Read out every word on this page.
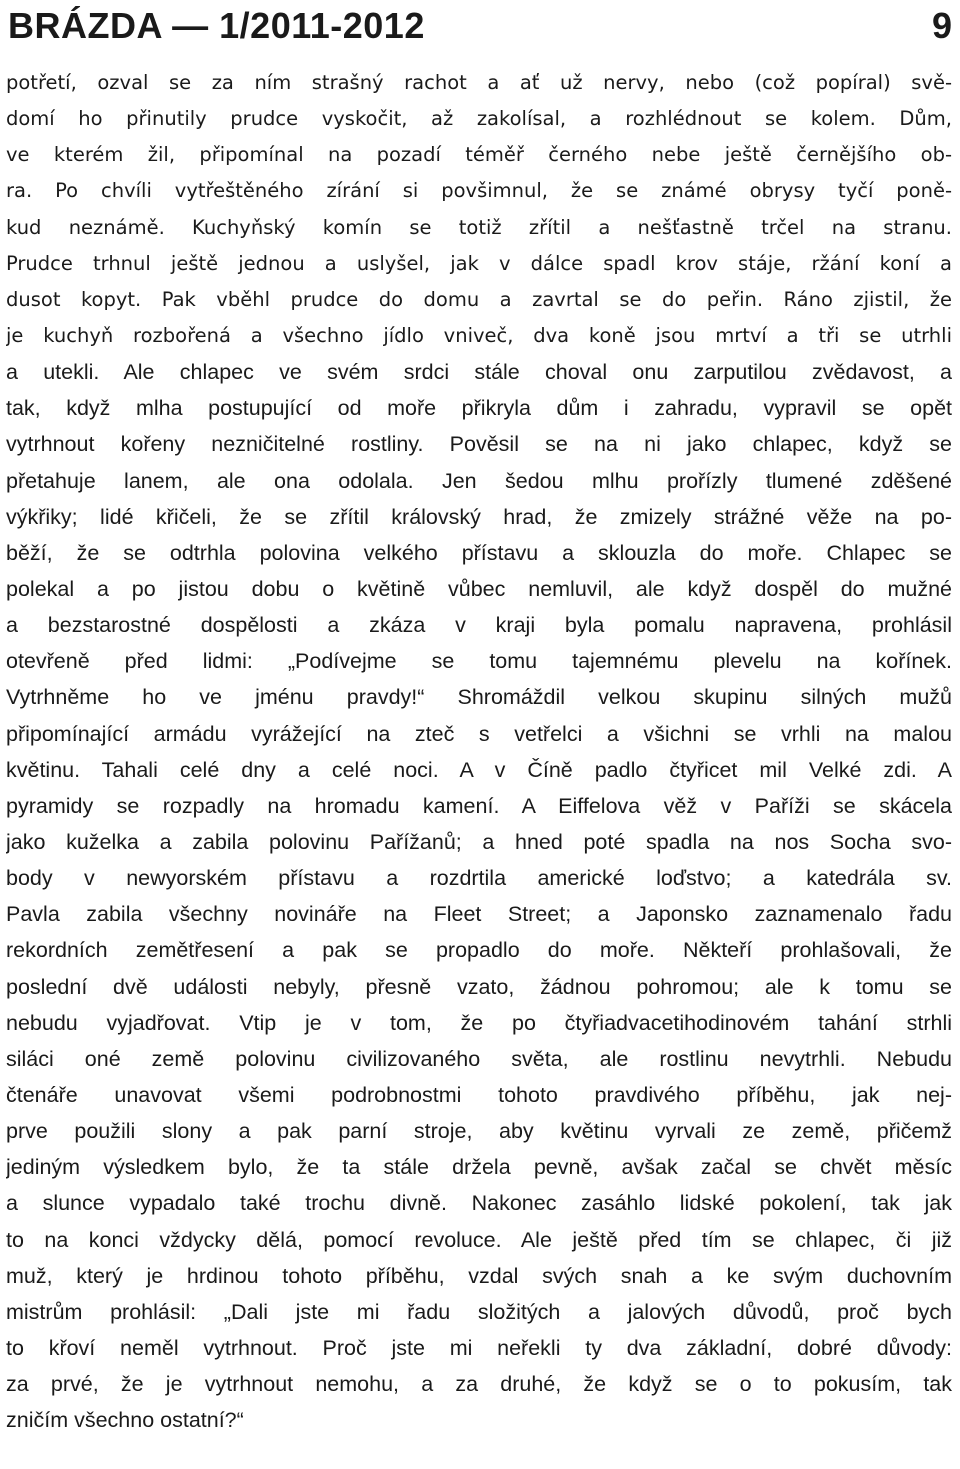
BRÁZDA — 1/2011-2012	9
potřetí, ozval se za ním strašný rachot a ať už nervy, nebo (což popíral) svě-
domí ho přinutily prudce vyskočit, až zakolísal, a rozhlédnout se kolem. Dům,
ve kterém žil, připomínal na pozadí téměř černého nebe ještě černějšího ob-
ra. Po chvíli vytřeštěného zírání si povšimnul, že se známé obrysy tyčí poně-
kud neznámě. Kuchyňský komín se totiž zřítil a nešťastně trčel na stranu.
Prudce trhnul ještě jednou a uslyšel, jak v dálce spadl krov stáje, ržání koní a
dusot kopyt. Pak vběhl prudce do domu a zavrtal se do peřin. Ráno zjistil, že
je kuchyň rozbořená a všechno jídlo vniveč, dva koně jsou mrtví a tři se utrhli
a utekli. Ale chlapec ve svém srdci stále choval onu zarputilou zvědavost, a
tak, když mlha postupující od moře přikryla dům i zahradu, vypravil se opět
vytrhnout kořeny nezničitelné rostliny. Pověsil se na ni jako chlapec, když se
přetahuje lanem, ale ona odolala. Jen šedou mlhu prořízly tlumené zděšené
výkřiky; lidé křičeli, že se zřítil královský hrad, že zmizely strážné věže na po-
běží, že se odtrhla polovina velkého přístavu a sklouzla do moře. Chlapec se
polekal a po jistou dobu o květině vůbec nemluvil, ale když dospěl do mužné
a bezstarostné dospělosti a zkáza v kraji byla pomalu napravena, prohlásil
otevřeně před lidmi: „Podívejme se tomu tajemnému plevelu na kořínek.
Vytrhněme ho ve jménu pravdy!“ Shromáždil velkou skupinu silných mužů
připomínající armádu vyrážející na zteč s vetřelci a všichni se vrhli na malou
květinu. Tahali celé dny a celé noci. A v Číně padlo čtyřicet mil Velké zdi. A
pyramidy se rozpadly na hromadu kamení. A Eiffelova věž v Paříži se skácela
jako kuželka a zabila polovinu Pařížanů; a hned poté spadla na nos Socha svo-
body v newyorském přístavu a rozdrtila americké loďstvo; a katedrála sv.
Pavla zabila všechny novináře na Fleet Street; a Japonsko zaznamenalo řadu
rekordních zemětřesení a pak se propadlo do moře. Někteří prohlašovali, že
poslední dvě události nebyly, přesně vzato, žádnou pohromou; ale k tomu se
nebudu vyjadřovat. Vtip je v tom, že po čtyřiadvacetihodinovém tahání strhli
siláci oné země polovinu civilizovaného světa, ale rostlinu nevytrhli. Nebudu
čtenáře unavovat všemi podrobnostmi tohoto pravdivého příběhu, jak nej-
prve použili slony a pak parní stroje, aby květinu vyrvali ze země, přičemž
jediným výsledkem bylo, že ta stále držela pevně, avšak začal se chvět měsíc
a slunce vypadalo také trochu divně. Nakonec zasáhlo lidské pokolení, tak jak
to na konci vždycky dělá, pomocí revoluce. Ale ještě před tím se chlapec, či již
muž, který je hrdinou tohoto příběhu, vzdal svých snah a ke svým duchovním
mistrům prohlásil: „Dali jste mi řadu složitých a jalových důvodů, proč bych
to křoví neměl vytrhnout. Proč jste mi neřekli ty dva základní, dobré důvody:
za prvé, že je vytrhnout nemohu, a za druhé, že když se o to pokusím, tak
zničím všechno ostatní?“
